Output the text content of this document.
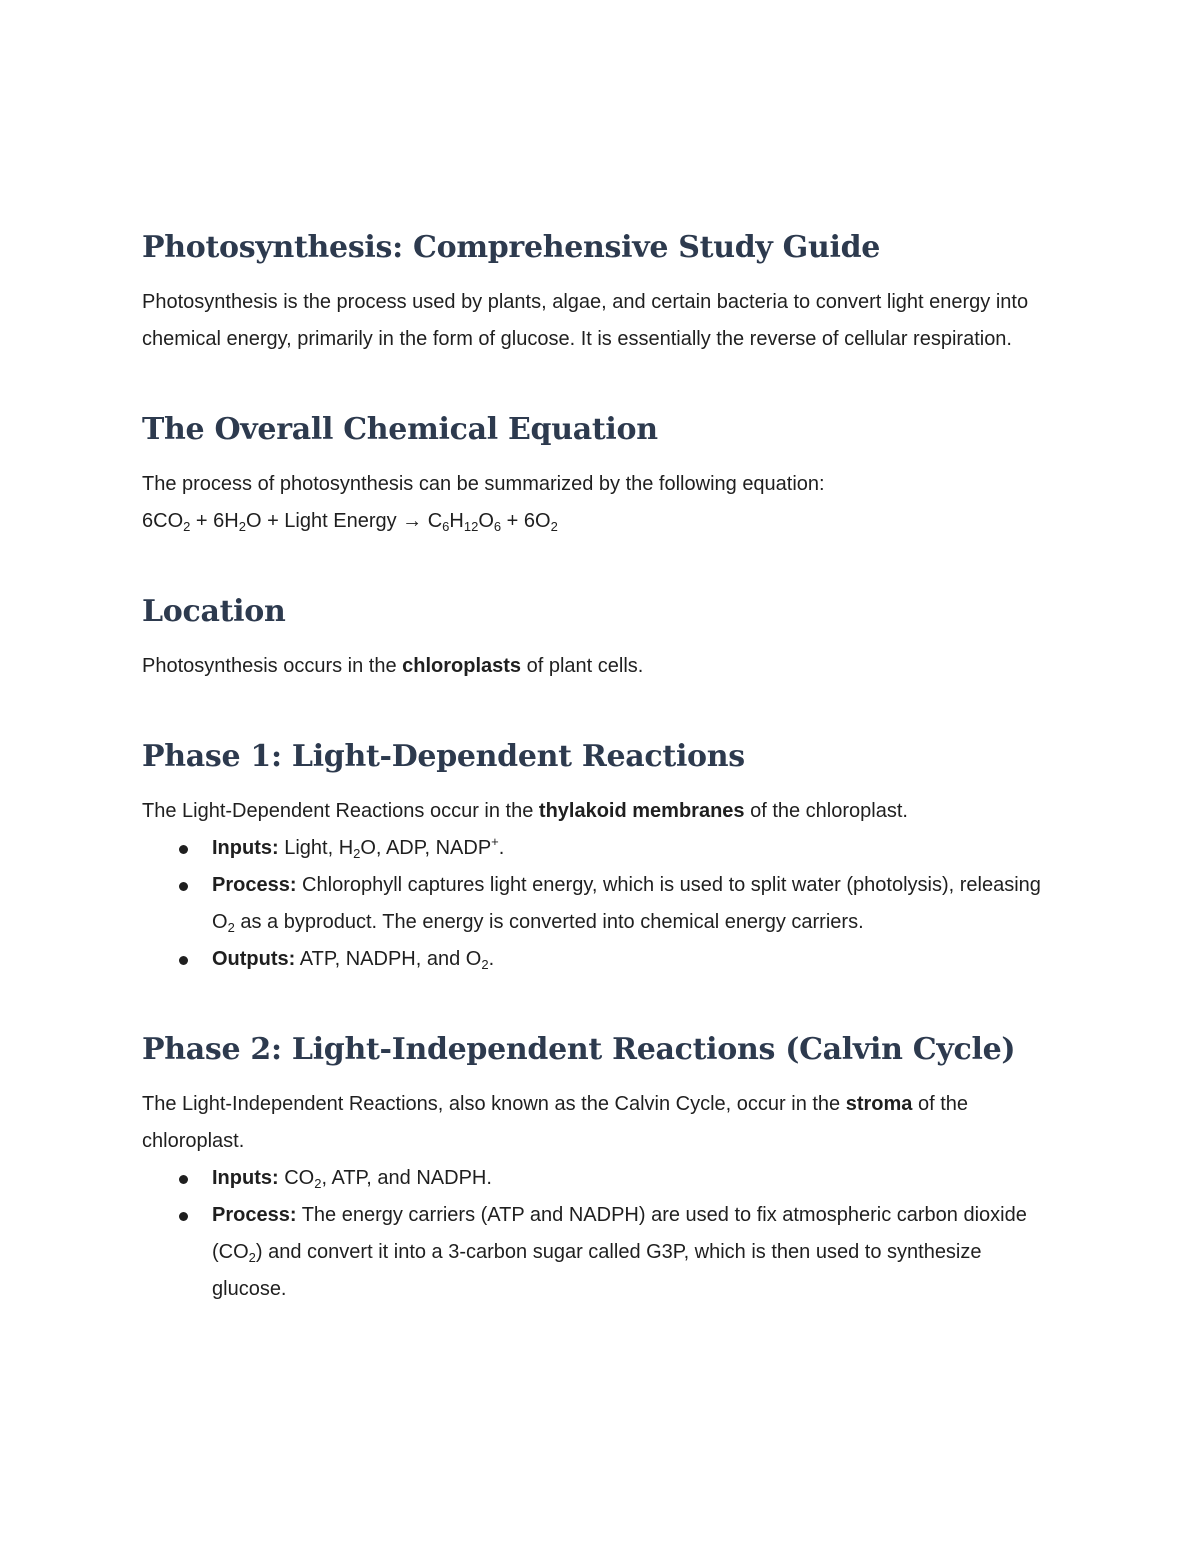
Photosynthesis: Comprehensive Study Guide

Photosynthesis is the process used by plants, algae, and certain bacteria to convert light energy into chemical energy, primarily in the form of glucose. It is essentially the reverse of cellular respiration.

The Overall Chemical Equation

The process of photosynthesis can be summarized by the following equation:

$6CO_2 + 6H_2O$ + Light Energy → $C_6H_{12}O_6 + 6O_2$

Location

Photosynthesis occurs in the chloroplasts of plant cells.

Phase 1: Light-Dependent Reactions

The Light-Dependent Reactions occur in the thylakoid membranes of the chloroplast.

Inputs: Light, $H_2O$, ADP, NADP+.
Process: Chlorophyll captures light energy, which is used to split water (photolysis), releasing $O_2$ as a byproduct. The energy is converted into chemical energy carriers.
Outputs: ATP, NADPH, and $O_2$.
Phase 2: Light-Independent Reactions (Calvin Cycle)

The Light-Independent Reactions, also known as the Calvin Cycle, occur in the stroma of the chloroplast.

Inputs: $CO_2$, ATP, and NADPH.
Process: The energy carriers (ATP and NADPH) are used to fix atmospheric carbon dioxide $(CO_2)$ and convert it into a 3-carbon sugar called G3P, which is then used to synthesize glucose.
